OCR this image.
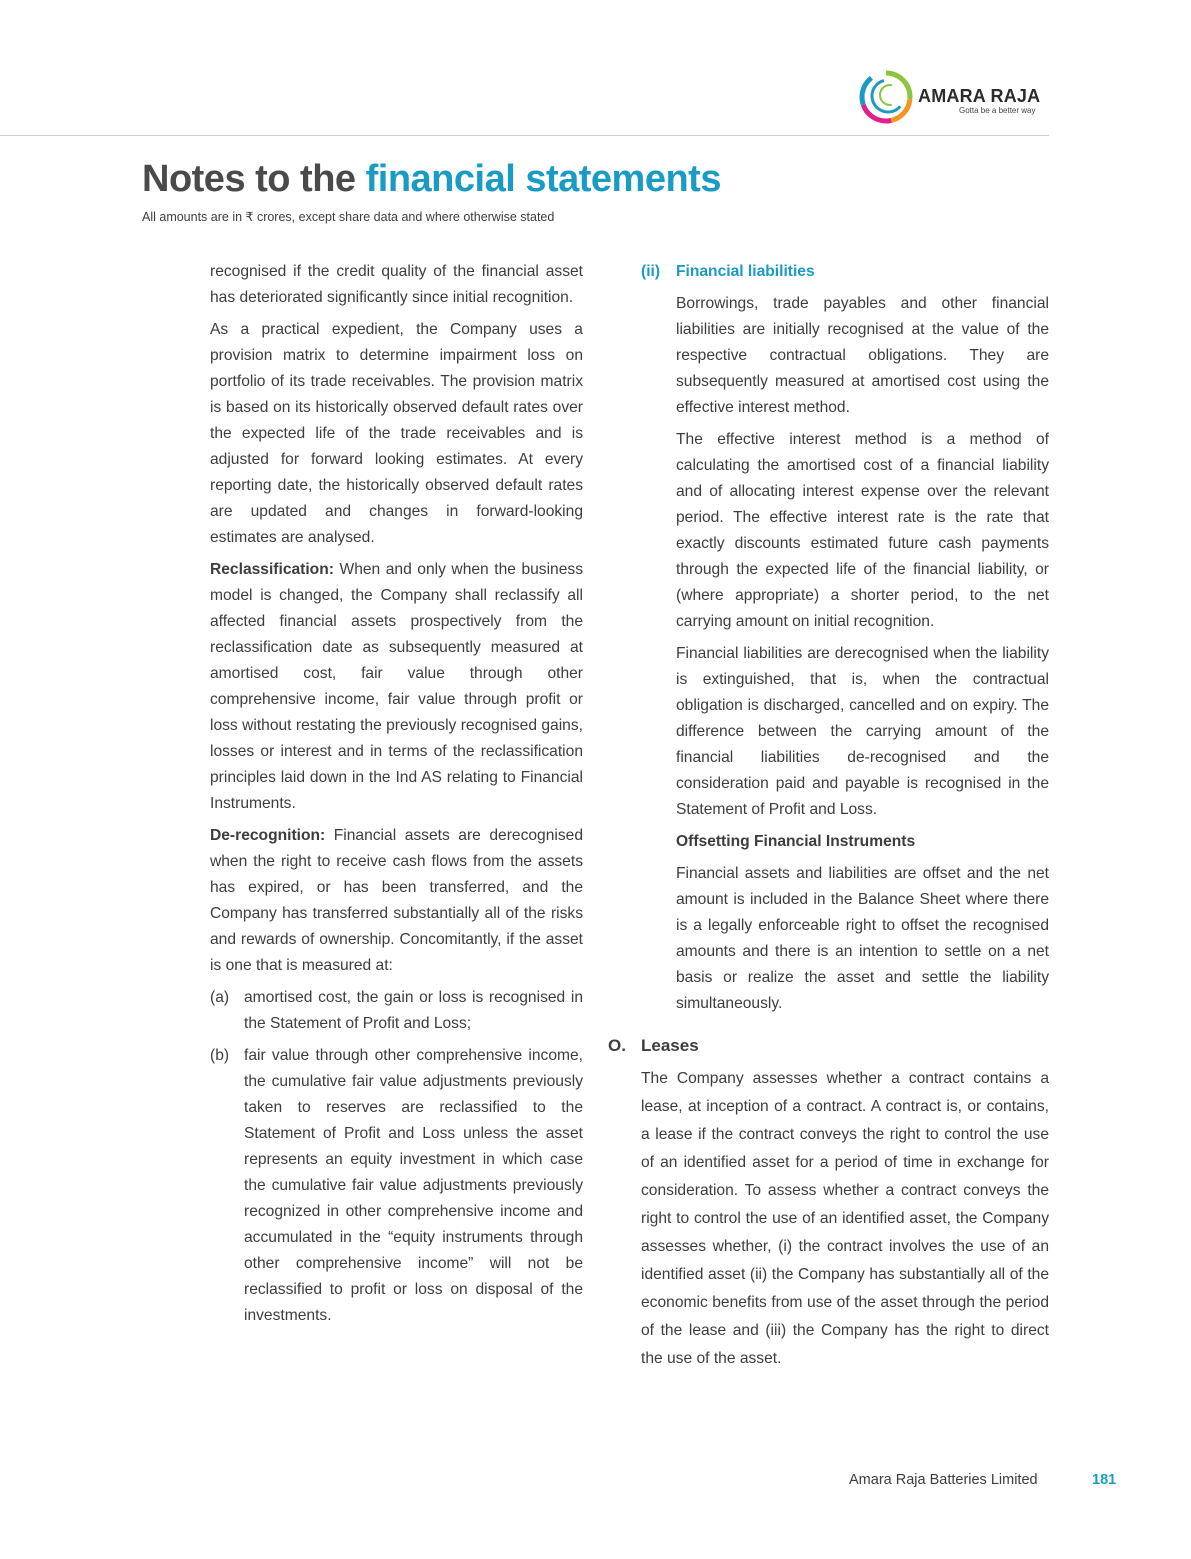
AMARA RAJA
Gotta be a better way
Notes to the financial statements
All amounts are in ₹ crores, except share data and where otherwise stated

recognised if the credit quality of the financial asset has deteriorated significantly since initial recognition.

As a practical expedient, the Company uses a provision matrix to determine impairment loss on portfolio of its trade receivables. The provision matrix is based on its historically observed default rates over the expected life of the trade receivables and is adjusted for forward looking estimates. At every reporting date, the historically observed default rates are updated and changes in forward-looking estimates are analysed.

Reclassification: When and only when the business model is changed, the Company shall reclassify all affected financial assets prospectively from the reclassification date as subsequently measured at amortised cost, fair value through other comprehensive income, fair value through profit or loss without restating the previously recognised gains, losses or interest and in terms of the reclassification principles laid down in the Ind AS relating to Financial Instruments.

De-recognition: Financial assets are derecognised when the right to receive cash flows from the assets has expired, or has been transferred, and the Company has transferred substantially all of the risks and rewards of ownership. Concomitantly, if the asset is one that is measured at:

(a) amortised cost, the gain or loss is recognised in the Statement of Profit and Loss;
(b) fair value through other comprehensive income, the cumulative fair value adjustments previously taken to reserves are reclassified to the Statement of Profit and Loss unless the asset represents an equity investment in which case the cumulative fair value adjustments previously recognized in other comprehensive income and accumulated in the “equity instruments through other comprehensive income” will not be reclassified to profit or loss on disposal of the investments.
(ii) Financial liabilities

Borrowings, trade payables and other financial liabilities are initially recognised at the value of the respective contractual obligations. They are subsequently measured at amortised cost using the effective interest method.

The effective interest method is a method of calculating the amortised cost of a financial liability and of allocating interest expense over the relevant period. The effective interest rate is the rate that exactly discounts estimated future cash payments through the expected life of the financial liability, or (where appropriate) a shorter period, to the net carrying amount on initial recognition.

Financial liabilities are derecognised when the liability is extinguished, that is, when the contractual obligation is discharged, cancelled and on expiry. The difference between the carrying amount of the financial liabilities de-recognised and the consideration paid and payable is recognised in the Statement of Profit and Loss.

Offsetting Financial Instruments

Financial assets and liabilities are offset and the net amount is included in the Balance Sheet where there is a legally enforceable right to offset the recognised amounts and there is an intention to settle on a net basis or realize the asset and settle the liability simultaneously.

O. Leases

The Company assesses whether a contract contains a lease, at inception of a contract. A contract is, or contains, a lease if the contract conveys the right to control the use of an identified asset for a period of time in exchange for consideration. To assess whether a contract conveys the right to control the use of an identified asset, the Company assesses whether, (i) the contract involves the use of an identified asset (ii) the Company has substantially all of the economic benefits from use of the asset through the period of the lease and (iii) the Company has the right to direct the use of the asset.

Amara Raja Batteries Limited	181
